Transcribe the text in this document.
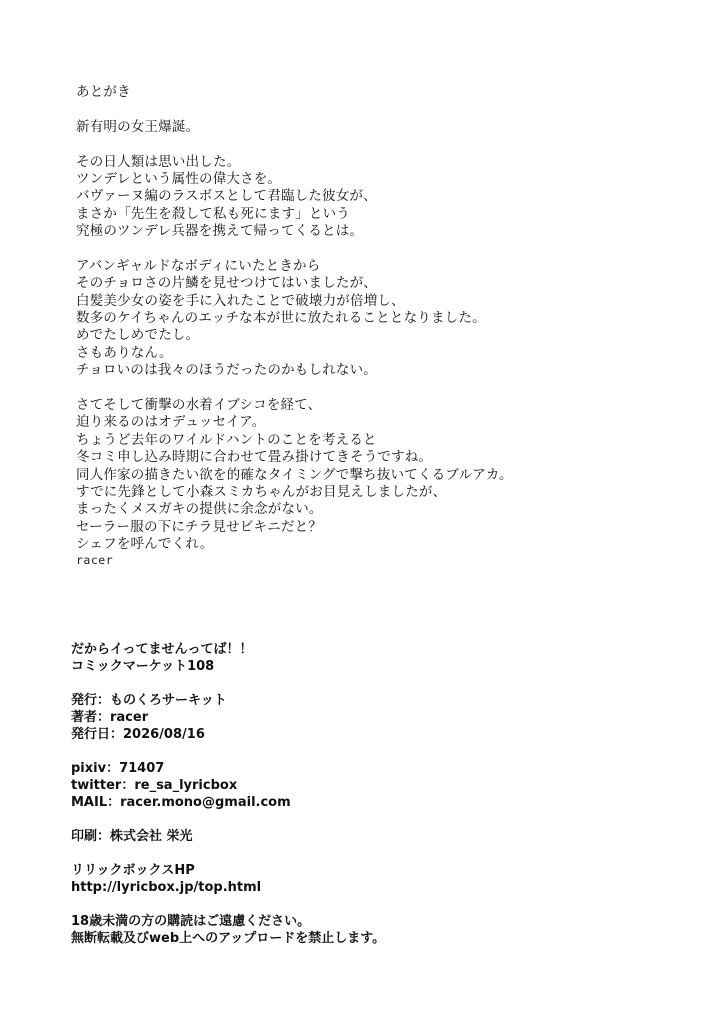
あとがき
新有明の女王爆誕。
その日人類は思い出した。
ツンデレという属性の偉大さを。
バヴァーヌ編のラスボスとして君臨した彼女が、
まさか「先生を殺して私も死にます」という
究極のツンデレ兵器を携えて帰ってくるとは。
アバンギャルドなボディにいたときから
そのチョロさの片鱗を見せつけてはいましたが、
白髪美少女の姿を手に入れたことで破壊力が倍増し、
数多のケイちゃんのエッチな本が世に放たれることとなりました。
めでたしめでたし。
さもありなん。
チョロいのは我々のほうだったのかもしれない。
さてそして衝撃の水着イブシコを経て、
迫り来るのはオデュッセイア。
ちょうど去年のワイルドハントのことを考えると
冬コミ申し込み時期に合わせて畳み掛けてきそうですね。
同人作家の描きたい欲を的確なタイミングで撃ち抜いてくるブルアカ。
すでに先鋒として小森スミカちゃんがお目見えしましたが、
まったくメスガキの提供に余念がない。
セーラー服の下にチラ見せビキニだと？
シェフを呼んでくれ。
racer
だからイってませんってば！！
コミックマーケット108
発行：ものくろサーキット
著者：racer
発行日：2026/08/16
pixiv：71407
twitter：re_sa_lyricbox
MAIL：racer.mono@gmail.com
印刷：株式会社 栄光
リリックボックスHP
http://lyricbox.jp/top.html
18歳未満の方の購読はご遠慮ください。
無断転載及びweb上へのアップロードを禁止します。
